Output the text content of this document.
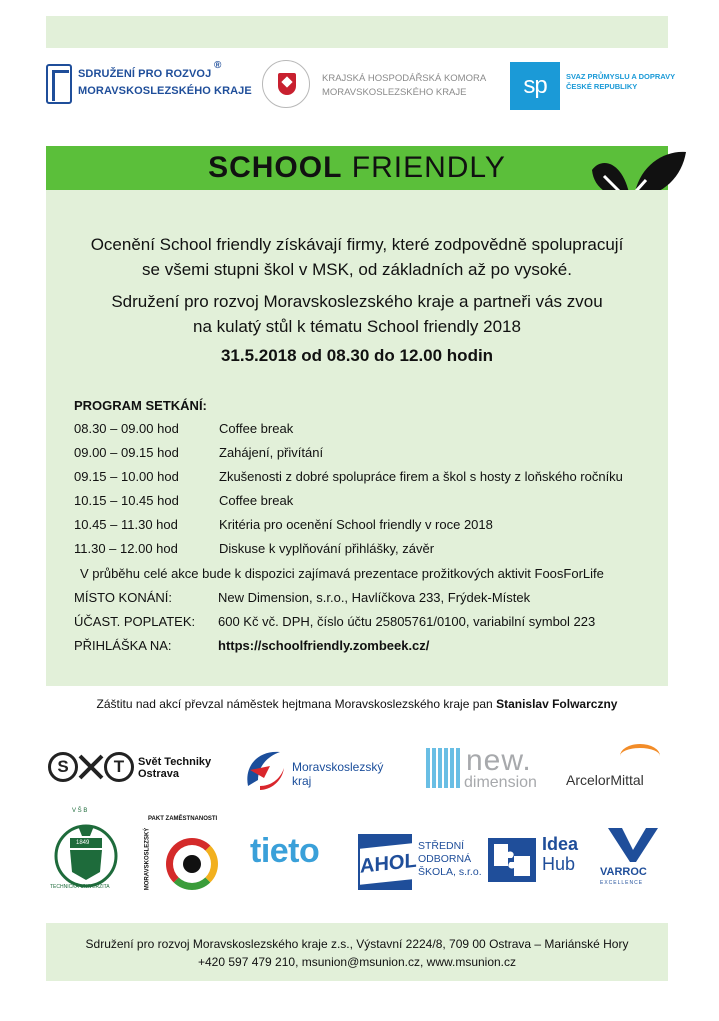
SDRUŽENÍ PRO ROZVOJ
MORAVSKOSLEZSKÉHO KRAJE
®
KRAJSKÁ HOSPODÁŘSKÁ KOMORA
MORAVSKOSLEZSKÉHO KRAJE	sp	SVAZ PRŮMYSLU A DOPRAVY
ČESKÉ REPUBLIKY
SCHOOL FRIENDLY
Ocenění School friendly získávají firmy, které zodpovědně spolupracují
se všemi stupni škol v MSK, od základních až po vysoké.
Sdružení pro rozvoj Moravskoslezského kraje a partneři vás zvou
na kulatý stůl k tématu School friendly 2018
31.5.2018 od 08.30 do 12.00 hodin
PROGRAM SETKÁNÍ:
08.30 – 09.00 hod	Coffee break
09.00 – 09.15 hod	Zahájení, přivítání
09.15 – 10.00 hod	Zkušenosti z dobré spolupráce firem a škol s hosty z loňského ročníku
10.15 – 10.45 hod	Coffee break
10.45 – 11.30 hod	Kritéria pro ocenění School friendly v roce 2018
11.30 – 12.00 hod	Diskuse k vyplňování přihlášky, závěr
V průběhu celé akce bude k dispozici zajímavá prezentace prožitkových aktivit FoosForLife
MÍSTO KONÁNÍ:	New Dimension, s.r.o., Havlíčkova 233, Frýdek-Místek
ÚČAST. POPLATEK: 600 Kč vč. DPH, číslo účtu 25805761/0100, variabilní symbol 223
PŘIHLÁŠKA NA:	https://schoolfriendly.zombeek.cz/
Záštitu nad akcí převzal náměstek hejtmana Moravskoslezského kraje pan Stanislav Folwarczny
S	T	Svět Techniky
Ostrava	Moravskoslezský
kraj
new.
dimension ArcelorMittal
V Š B
1849
TECHNICKÁ UNIVERZITA
PAKT ZAMĚSTNANOSTI
MORAVSKOSLEZSKÝ	tieto AHOL
STŘEDNÍ
ODBORNÁ
ŠKOLA, s.r.o.
Idea
Hub VARROC
EXCELLENCE
Sdružení pro rozvoj Moravskoslezského kraje z.s., Výstavní 2224/8, 709 00 Ostrava – Mariánské Hory
+420 597 479 210, msunion@msunion.cz, www.msunion.cz
